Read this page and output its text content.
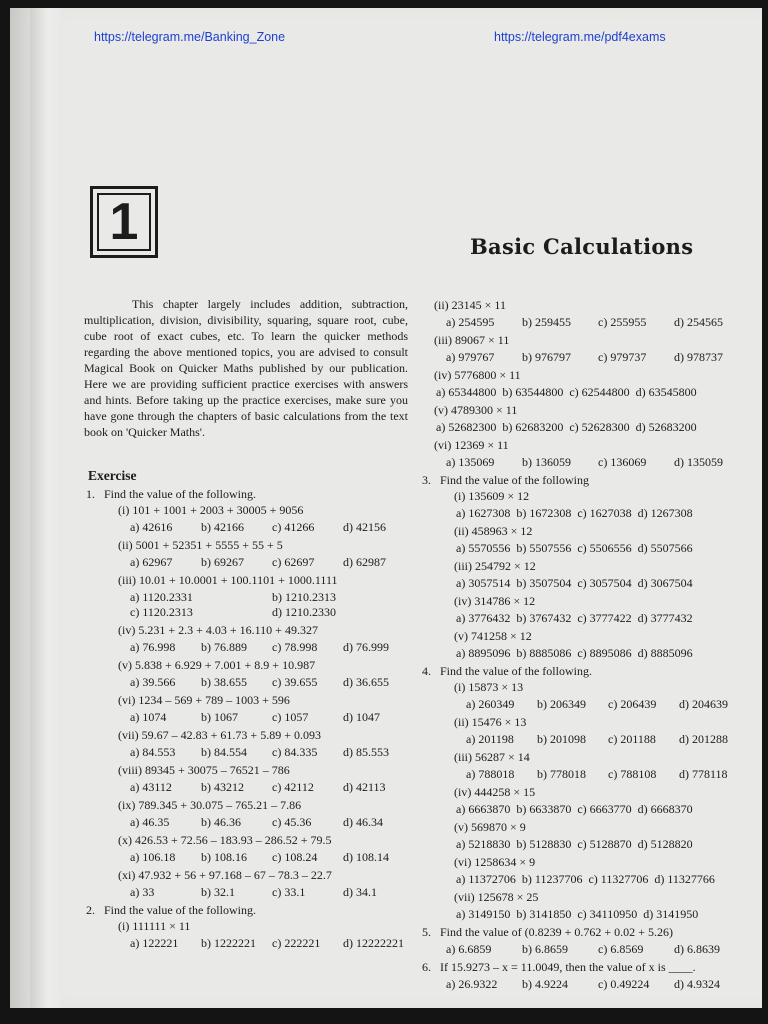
https://telegram.me/Banking_Zone	https://telegram.me/pdf4exams
1	Basic Calculations

This chapter largely includes addition, subtraction, multiplication, division, divisibility, squaring, square root, cube, cube root of exact cubes, etc. To learn the quicker methods regarding the above mentioned topics, you are advised to consult Magical Book on Quicker Maths published by our publication. Here we are providing sufficient practice exercises with answers and hints. Before taking up the practice exercises, make sure you have gone through the chapters of basic calculations from the text book on 'Quicker Maths'.

Exercise
1. Find the value of the following.
(i) 101 + 1001 + 2003 + 30005 + 9056
a) 42616	b) 42166	c) 41266	d) 42156
(ii) 5001 + 52351 + 5555 + 55 + 5
a) 62967	b) 69267	c) 62697	d) 62987
(iii) 10.01 + 10.0001 + 100.1101 + 1000.1111
a) 1120.2331	b) 1210.2313
c) 1120.2313	d) 1210.2330
(iv) 5.231 + 2.3 + 4.03 + 16.110 + 49.327
a) 76.998	b) 76.889	c) 78.998	d) 76.999
(v) 5.838 + 6.929 + 7.001 + 8.9 + 10.987
a) 39.566	b) 38.655	c) 39.655	d) 36.655
(vi) 1234 – 569 + 789 – 1003 + 596
a) 1074	b) 1067	c) 1057	d) 1047
(vii) 59.67 – 42.83 + 61.73 + 5.89 + 0.093
a) 84.553	b) 84.554	c) 84.335	d) 85.553
(viii) 89345 + 30075 – 76521 – 786
a) 43112	b) 43212	c) 42112	d) 42113
(ix) 789.345 + 30.075 – 765.21 – 7.86
a) 46.35	b) 46.36	c) 45.36	d) 46.34
(x) 426.53 + 72.56 – 183.93 – 286.52 + 79.5
a) 106.18	b) 108.16	c) 108.24	d) 108.14
(xi) 47.932 + 56 + 97.168 – 67 – 78.3 – 22.7
a) 33	b) 32.1	c) 33.1	d) 34.1
2. Find the value of the following.
(i) 111111 × 11
a) 122221	b) 1222221	c) 222221	d) 12222221
(ii) 23145 × 11
a) 254595	b) 259455	c) 255955	d) 254565
(iii) 89067 × 11
a) 979767	b) 976797	c) 979737	d) 978737
(iv) 5776800 × 11
a) 65344800 b) 63544800 c) 62544800 d) 63545800
(v) 4789300 × 11
a) 52682300 b) 62683200 c) 52628300 d) 52683200
(vi) 12369 × 11
a) 135069	b) 136059	c) 136069	d) 135059
3. Find the value of the following
(i) 135609 × 12
a) 1627308 b) 1672308 c) 1627038 d) 1267308
(ii) 458963 × 12
a) 5570556 b) 5507556 c) 5506556 d) 5507566
(iii) 254792 × 12
a) 3057514 b) 3507504 c) 3057504 d) 3067504
(iv) 314786 × 12
a) 3776432 b) 3767432 c) 3777422 d) 3777432
(v) 741258 × 12
a) 8895096 b) 8885086 c) 8895086 d) 8885096
4. Find the value of the following.
(i) 15873 × 13
a) 260349	b) 206349	c) 206439	d) 204639
(ii) 15476 × 13
a) 201198	b) 201098	c) 201188	d) 201288
(iii) 56287 × 14
a) 788018	b) 778018	c) 788108	d) 778118
(iv) 444258 × 15
a) 6663870 b) 6633870 c) 6663770 d) 6668370
(v) 569870 × 9
a) 5218830 b) 5128830 c) 5128870 d) 5128820
(vi) 1258634 × 9
a) 11372706 b) 11237706 c) 11327706 d) 11327766
(vii) 125678 × 25
a) 3149150 b) 3141850 c) 34110950 d) 3141950
5. Find the value of (0.8239 + 0.762 + 0.02 + 5.26)
a) 6.6859	b) 6.8659	c) 6.8569	d) 6.8639
6. If 15.9273 – x = 11.0049, then the value of x is ____.
a) 26.9322	b) 4.9224	c) 0.49224	d) 4.9324
